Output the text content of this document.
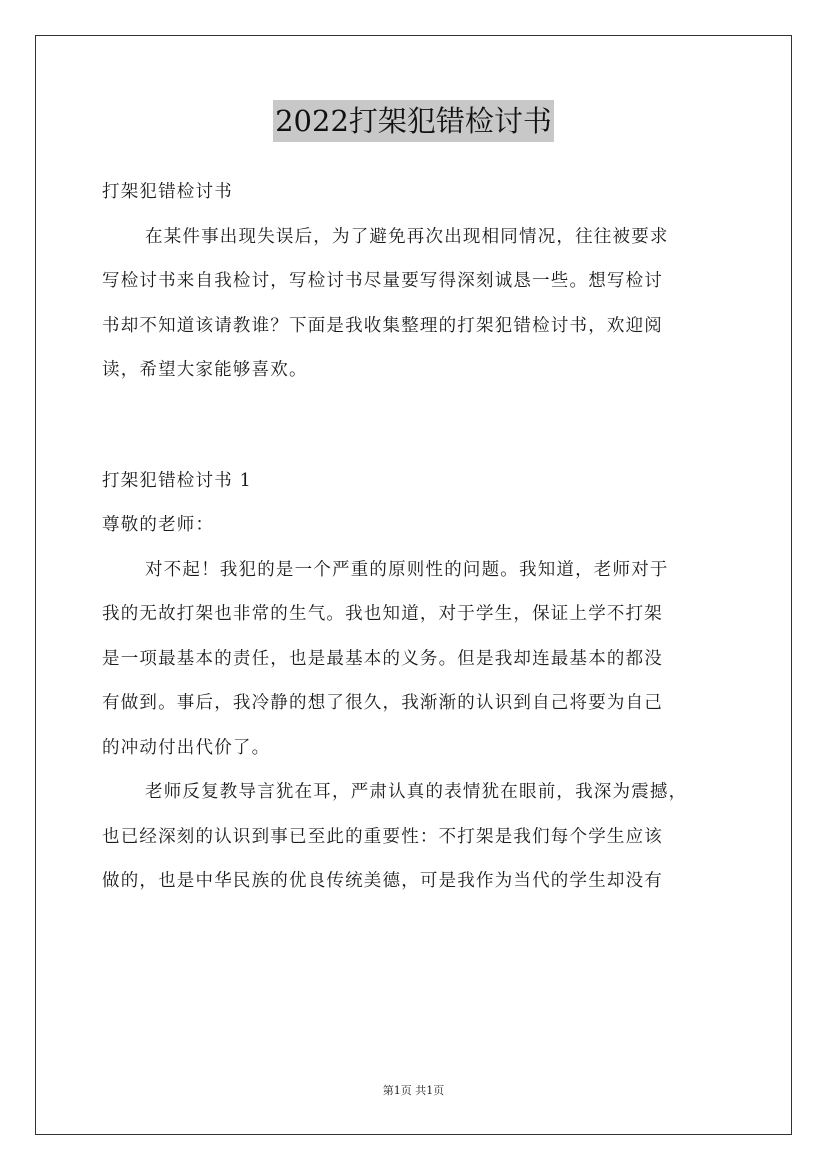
2022打架犯错检讨书
打架犯错检讨书
在某件事出现失误后，为了避免再次出现相同情况，往往被要求
写检讨书来自我检讨，写检讨书尽量要写得深刻诚恳一些。想写检讨
书却不知道该请教谁？下面是我收集整理的打架犯错检讨书，欢迎阅
读，希望大家能够喜欢。
打架犯错检讨书 1
尊敬的老师：
对不起！我犯的是一个严重的原则性的问题。我知道，老师对于
我的无故打架也非常的生气。我也知道，对于学生，保证上学不打架
是一项最基本的责任，也是最基本的义务。但是我却连最基本的都没
有做到。事后，我冷静的想了很久，我渐渐的认识到自己将要为自己
的冲动付出代价了。
老师反复教导言犹在耳，严肃认真的表情犹在眼前，我深为震撼，
也已经深刻的认识到事已至此的重要性：不打架是我们每个学生应该
做的，也是中华民族的优良传统美德，可是我作为当代的学生却没有
第1页 共1页
